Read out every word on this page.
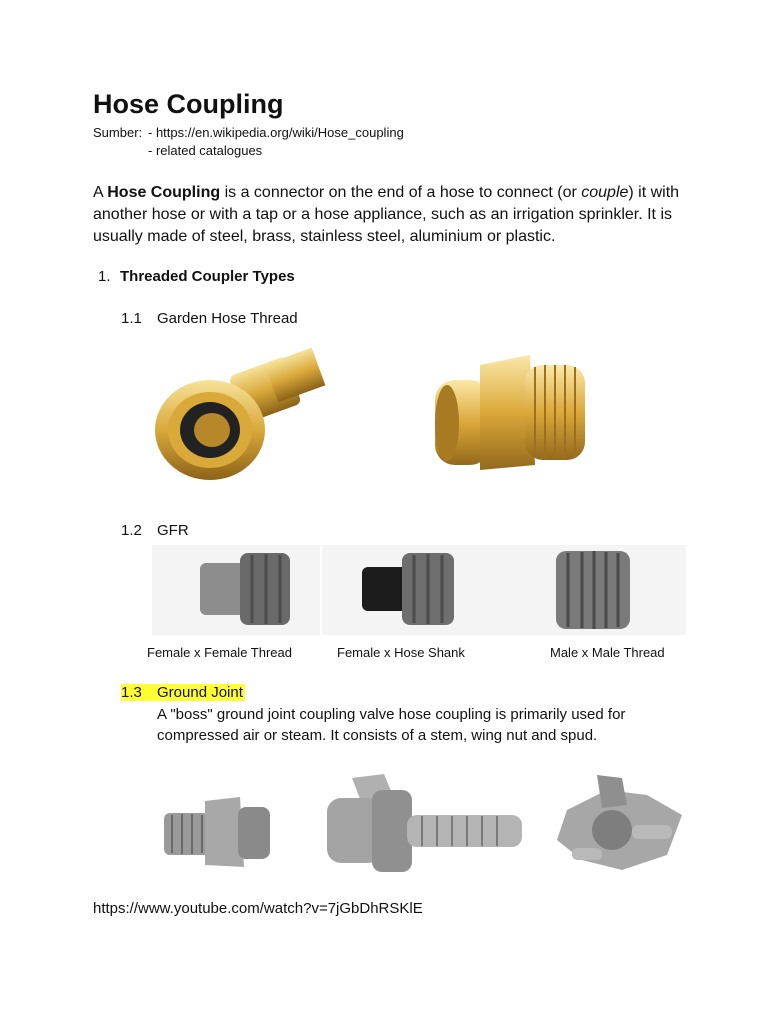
Hose Coupling
Sumber: - https://en.wikipedia.org/wiki/Hose_coupling
- related catalogues
A Hose Coupling is a connector on the end of a hose to connect (or couple) it with another hose or with a tap or a hose appliance, such as an irrigation sprinkler. It is usually made of steel, brass, stainless steel, aluminium or plastic.
1. Threaded Coupler Types
1.1 Garden Hose Thread
1.2 GFR
Female x Female Thread	Female x Hose Shank	Male x Male Thread
1.3 Ground Joint
A "boss" ground joint coupling valve hose coupling is primarily used for compressed air or steam. It consists of a stem, wing nut and spud.
https://www.youtube.com/watch?v=7jGbDhRSKlE
